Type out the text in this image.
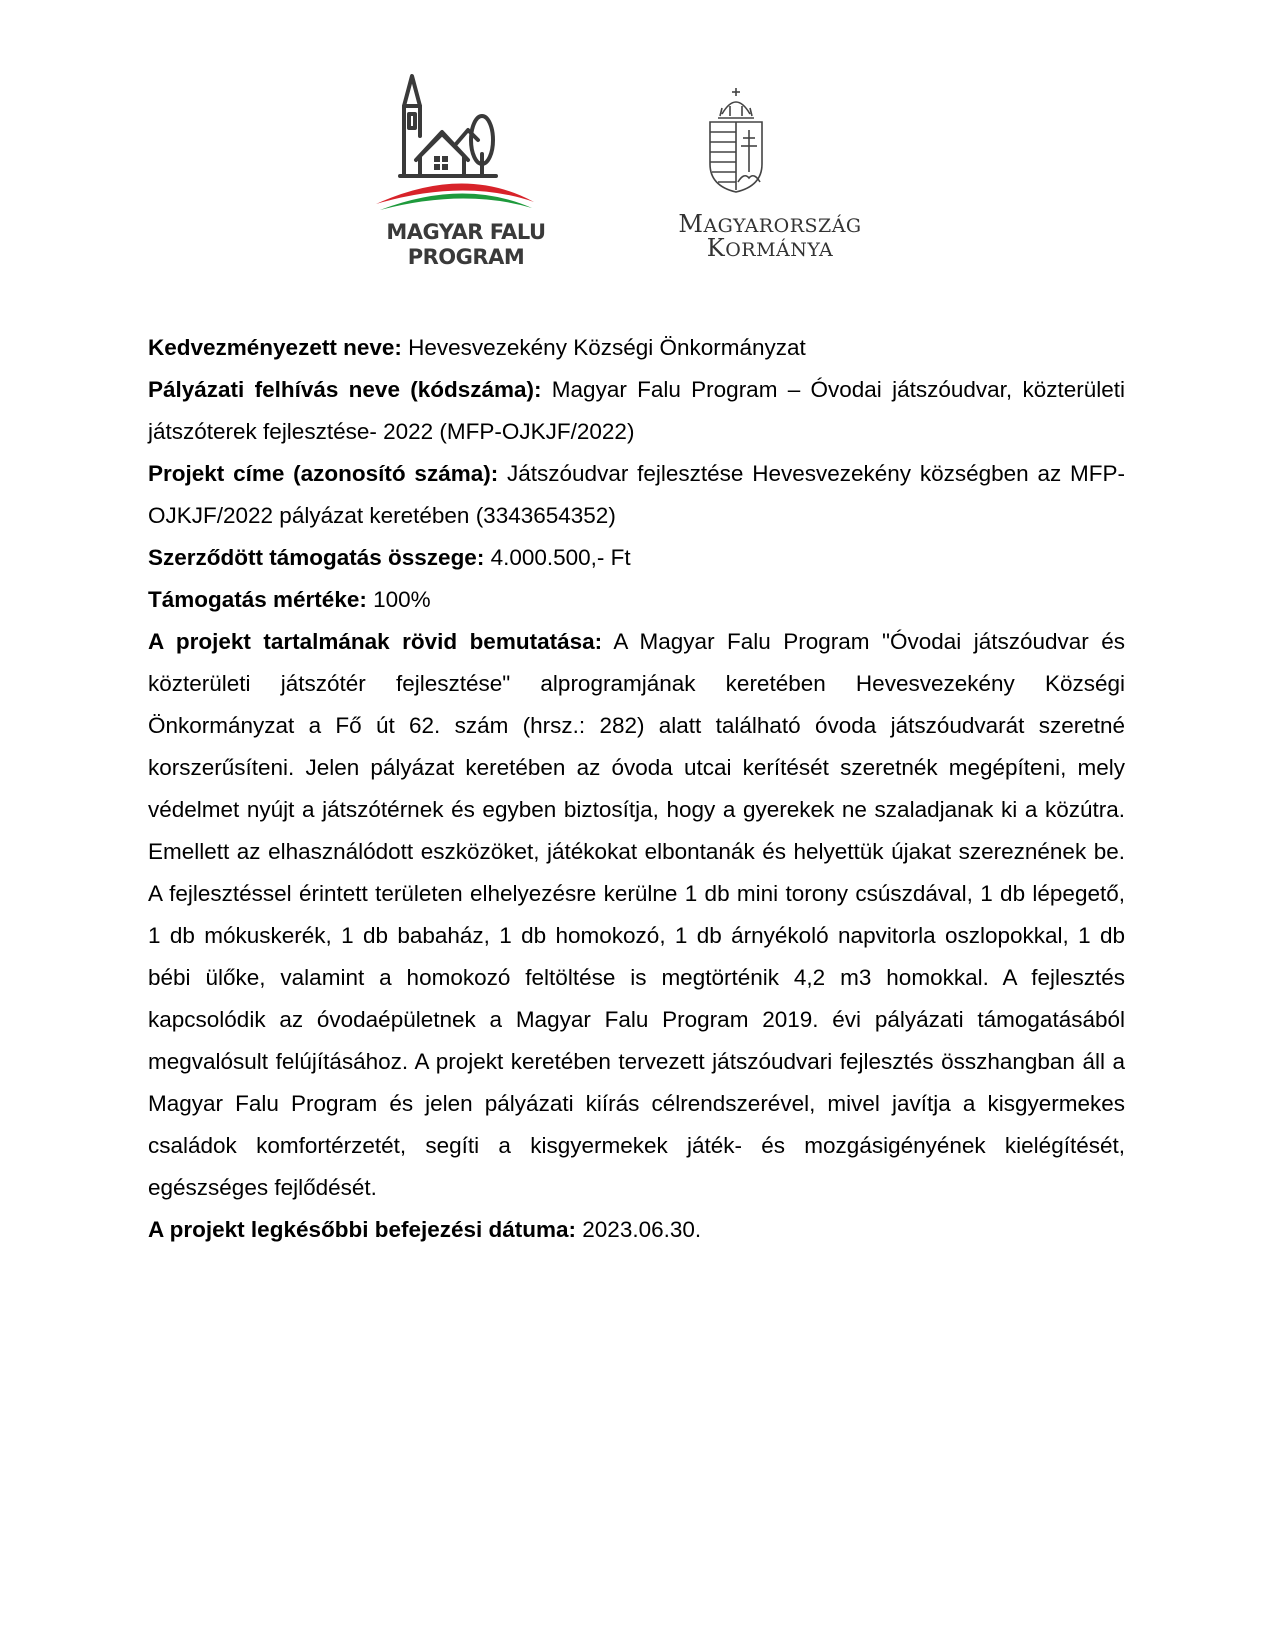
MAGYAR FALU
PROGRAM
MAGYARORSZÁG
KORMÁNYA

Kedvezményezett neve: Hevesvezekény Községi Önkormányzat

Pályázati felhívás neve (kódszáma): Magyar Falu Program – Óvodai játszóudvar, közterületi játszóterek fejlesztése- 2022 (MFP-OJKJF/2022)

Projekt címe (azonosító száma): Játszóudvar fejlesztése Hevesvezekény községben az MFP-OJKJF/2022 pályázat keretében (3343654352)

Szerződött támogatás összege: 4.000.500,- Ft

Támogatás mértéke: 100%

A projekt tartalmának rövid bemutatása: A Magyar Falu Program "Óvodai játszóudvar és közterületi játszótér fejlesztése" alprogramjának keretében Hevesvezekény Községi Önkormányzat a Fő út 62. szám (hrsz.: 282) alatt található óvoda játszóudvarát szeretné korszerűsíteni. Jelen pályázat keretében az óvoda utcai kerítését szeretnék megépíteni, mely védelmet nyújt a játszótérnek és egyben biztosítja, hogy a gyerekek ne szaladjanak ki a közútra. Emellett az elhasználódott eszközöket, játékokat elbontanák és helyettük újakat szereznének be. A fejlesztéssel érintett területen elhelyezésre kerülne 1 db mini torony csúszdával, 1 db lépegető, 1 db mókuskerék, 1 db babaház, 1 db homokozó, 1 db árnyékoló napvitorla oszlopokkal, 1 db bébi ülőke, valamint a homokozó feltöltése is megtörténik 4,2 m3 homokkal. A fejlesztés kapcsolódik az óvodaépületnek a Magyar Falu Program 2019. évi pályázati támogatásából megvalósult felújításához. A projekt keretében tervezett játszóudvari fejlesztés összhangban áll a Magyar Falu Program és jelen pályázati kiírás célrendszerével, mivel javítja a kisgyermekes családok komfortérzetét, segíti a kisgyermekek játék- és mozgásigényének kielégítését, egészséges fejlődését.

A projekt legkésőbbi befejezési dátuma: 2023.06.30.
